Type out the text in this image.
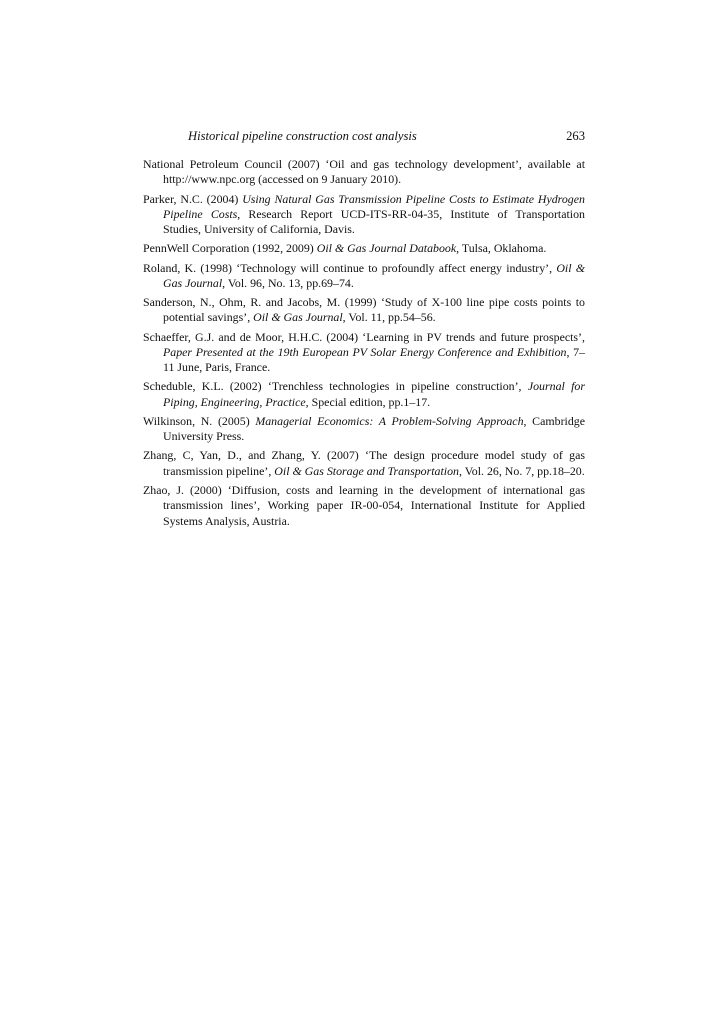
Historical pipeline construction cost analysis	263

National Petroleum Council (2007) ‘Oil and gas technology development’, available at http://www.npc.org (accessed on 9 January 2010).

Parker, N.C. (2004) Using Natural Gas Transmission Pipeline Costs to Estimate Hydrogen Pipeline Costs, Research Report UCD-ITS-RR-04-35, Institute of Transportation Studies, University of California, Davis.

PennWell Corporation (1992, 2009) Oil & Gas Journal Databook, Tulsa, Oklahoma.

Roland, K. (1998) ‘Technology will continue to profoundly affect energy industry’, Oil & Gas Journal, Vol. 96, No. 13, pp.69–74.

Sanderson, N., Ohm, R. and Jacobs, M. (1999) ‘Study of X-100 line pipe costs points to potential savings’, Oil & Gas Journal, Vol. 11, pp.54–56.

Schaeffer, G.J. and de Moor, H.H.C. (2004) ‘Learning in PV trends and future prospects’, Paper Presented at the 19th European PV Solar Energy Conference and Exhibition, 7–11 June, Paris, France.

Scheduble, K.L. (2002) ‘Trenchless technologies in pipeline construction’, Journal for Piping, Engineering, Practice, Special edition, pp.1–17.

Wilkinson, N. (2005) Managerial Economics: A Problem-Solving Approach, Cambridge University Press.

Zhang, C, Yan, D., and Zhang, Y. (2007) ‘The design procedure model study of gas transmission pipeline’, Oil & Gas Storage and Transportation, Vol. 26, No. 7, pp.18–20.

Zhao, J. (2000) ‘Diffusion, costs and learning in the development of international gas transmission lines’, Working paper IR-00-054, International Institute for Applied Systems Analysis, Austria.
